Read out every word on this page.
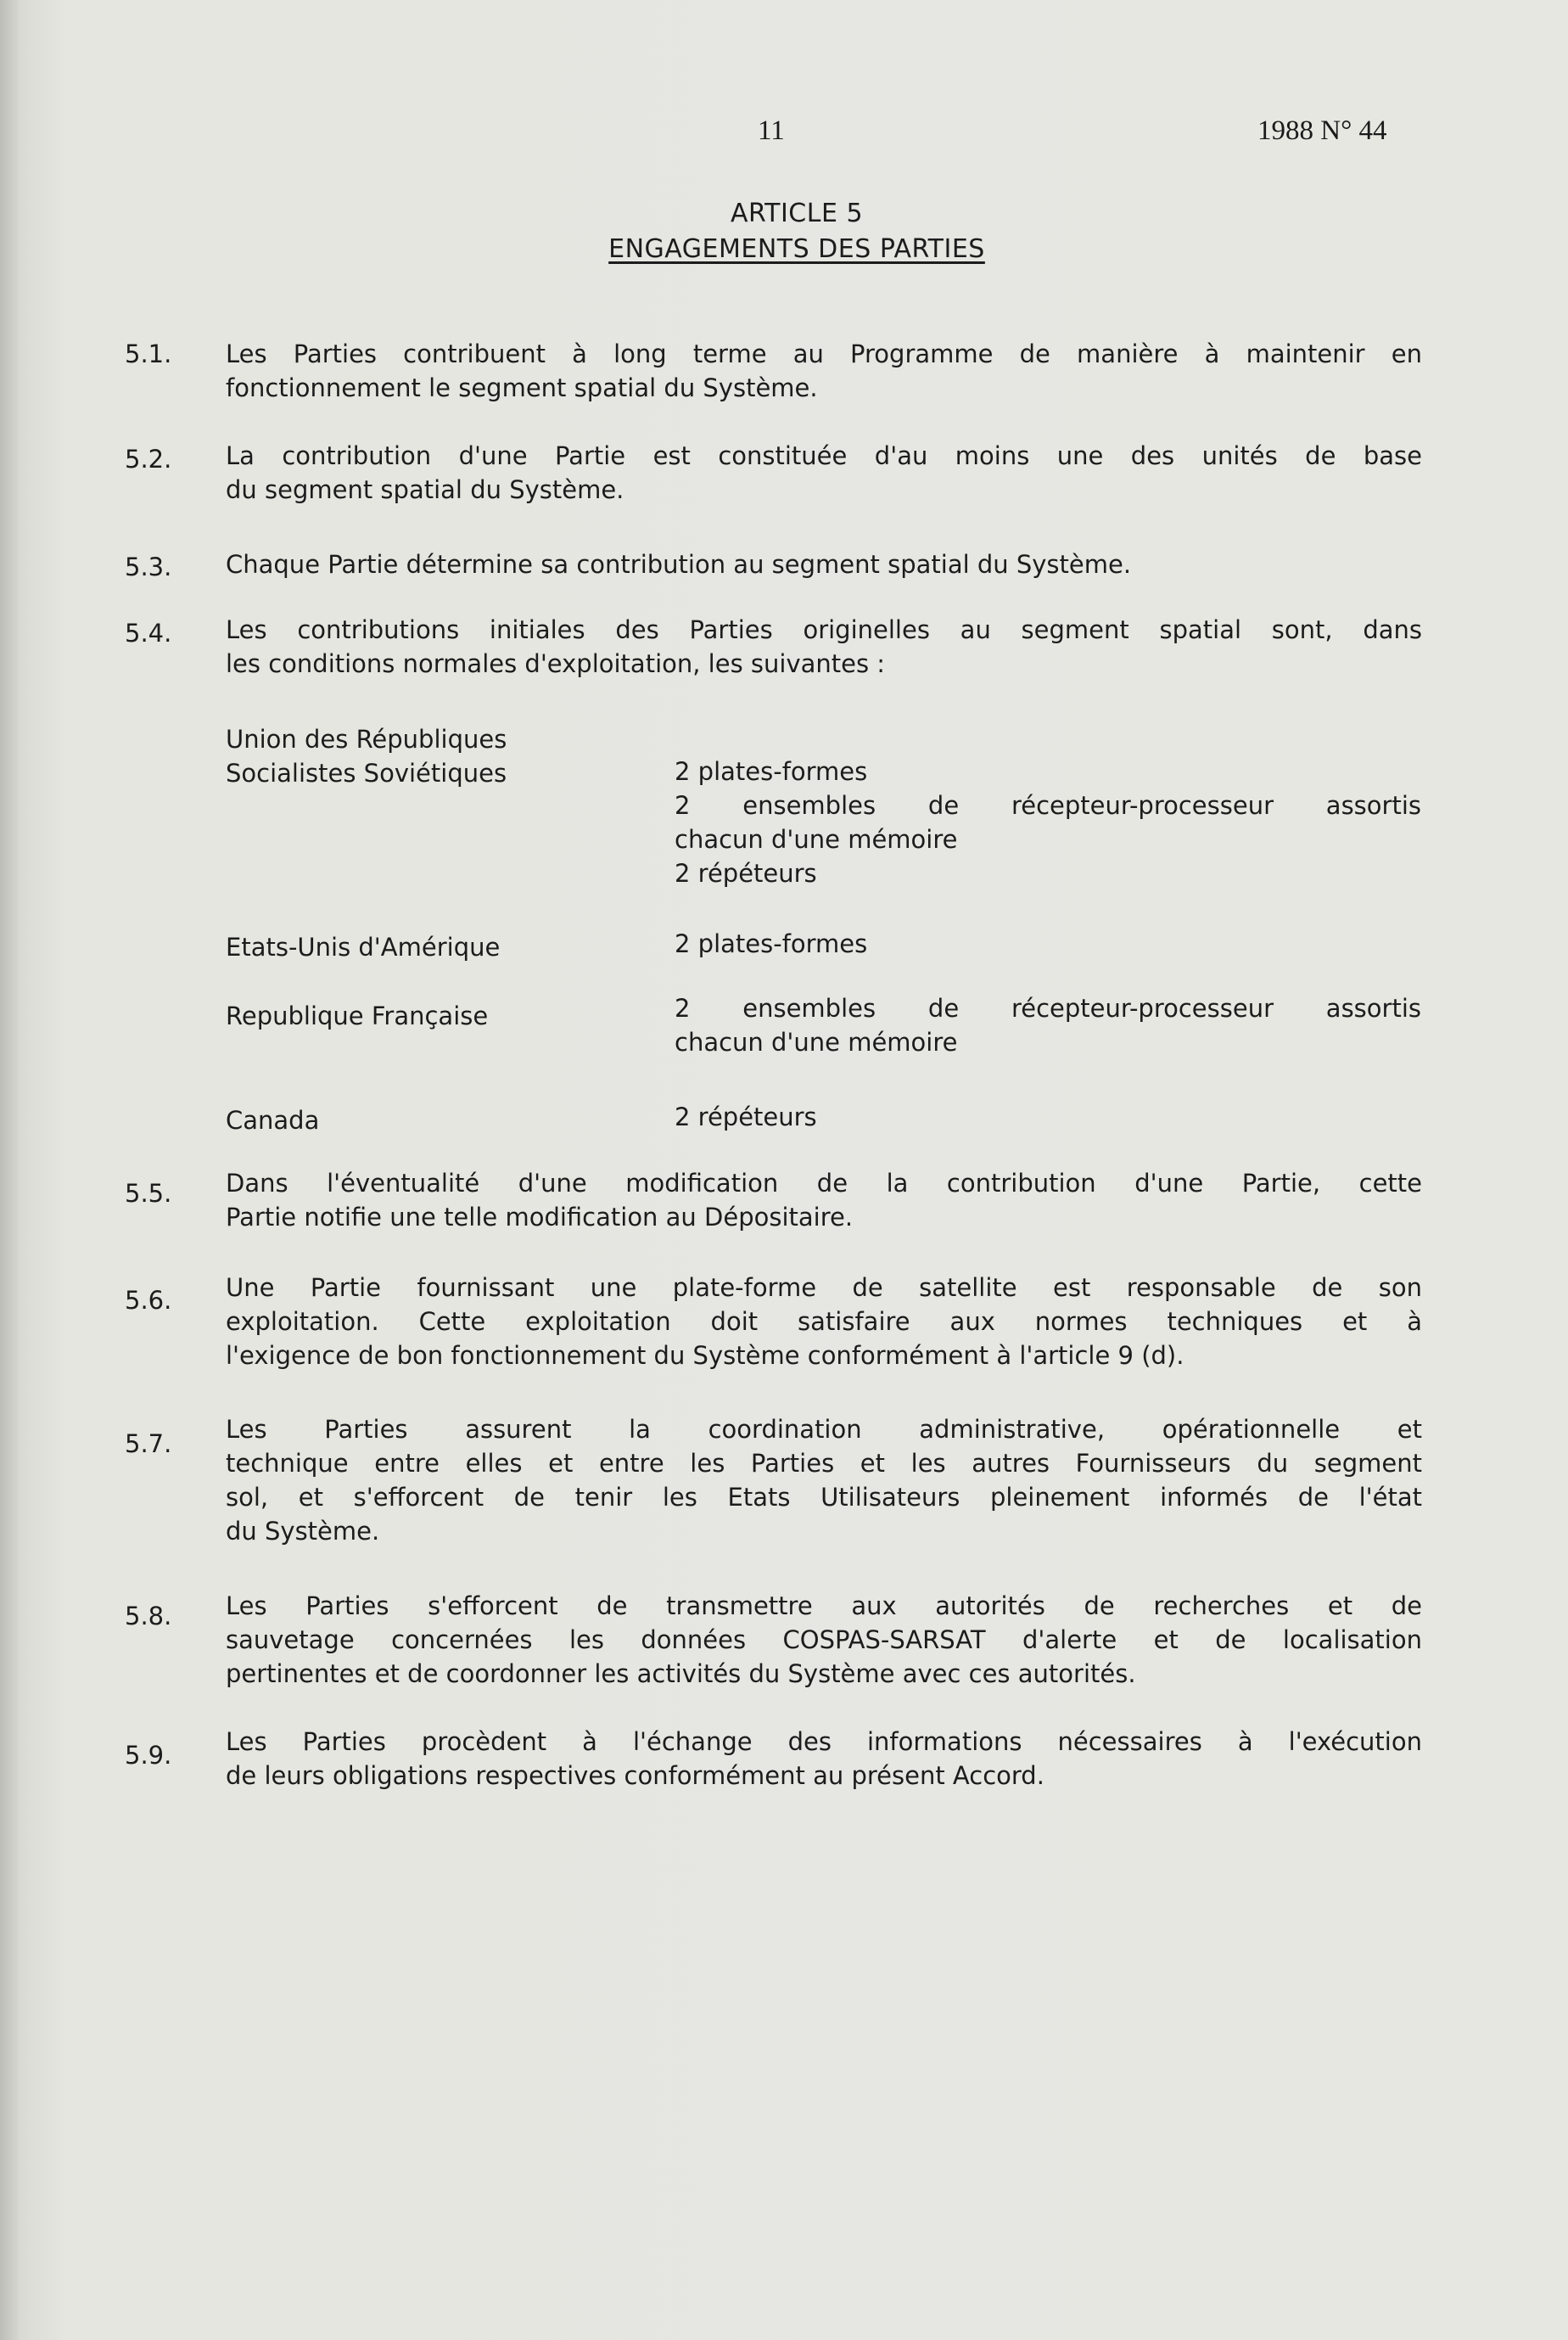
11	1988 N° 44
ARTICLE 5
ENGAGEMENTS DES PARTIES
5.1. Les Parties contribuent à long terme au Programme de manière à maintenir en
fonctionnement le segment spatial du Système.
5.2. La contribution d'une Partie est constituée d'au moins une des unités de base
du segment spatial du Système.
5.3. Chaque Partie détermine sa contribution au segment spatial du Système.
5.4. Les contributions initiales des Parties originelles au segment spatial sont, dans
les conditions normales d'exploitation, les suivantes :
Union des Républiques
Socialistes Soviétiques	2 plates-formes
2 ensembles de récepteur-processeur assortis
chacun d'une mémoire
2 répéteurs
Etats-Unis d'Amérique	2 plates-formes
Republique Française	2 ensembles de récepteur-processeur assortis
chacun d'une mémoire
Canada	2 répéteurs
5.5. Dans l'éventualité d'une modification de la contribution d'une Partie, cette
Partie notifie une telle modification au Dépositaire.
5.6. Une Partie fournissant une plate-forme de satellite est responsable de son
exploitation. Cette exploitation doit satisfaire aux normes techniques et à
l'exigence de bon fonctionnement du Système conformément à l'article 9 (d).
5.7. Les Parties assurent la coordination administrative, opérationnelle et
technique entre elles et entre les Parties et les autres Fournisseurs du segment
sol, et s'efforcent de tenir les Etats Utilisateurs pleinement informés de l'état
du Système.
5.8. Les Parties s'efforcent de transmettre aux autorités de recherches et de
sauvetage concernées les données COSPAS-SARSAT d'alerte et de localisation
pertinentes et de coordonner les activités du Système avec ces autorités.
5.9. Les Parties procèdent à l'échange des informations nécessaires à l'exécution
de leurs obligations respectives conformément au présent Accord.
